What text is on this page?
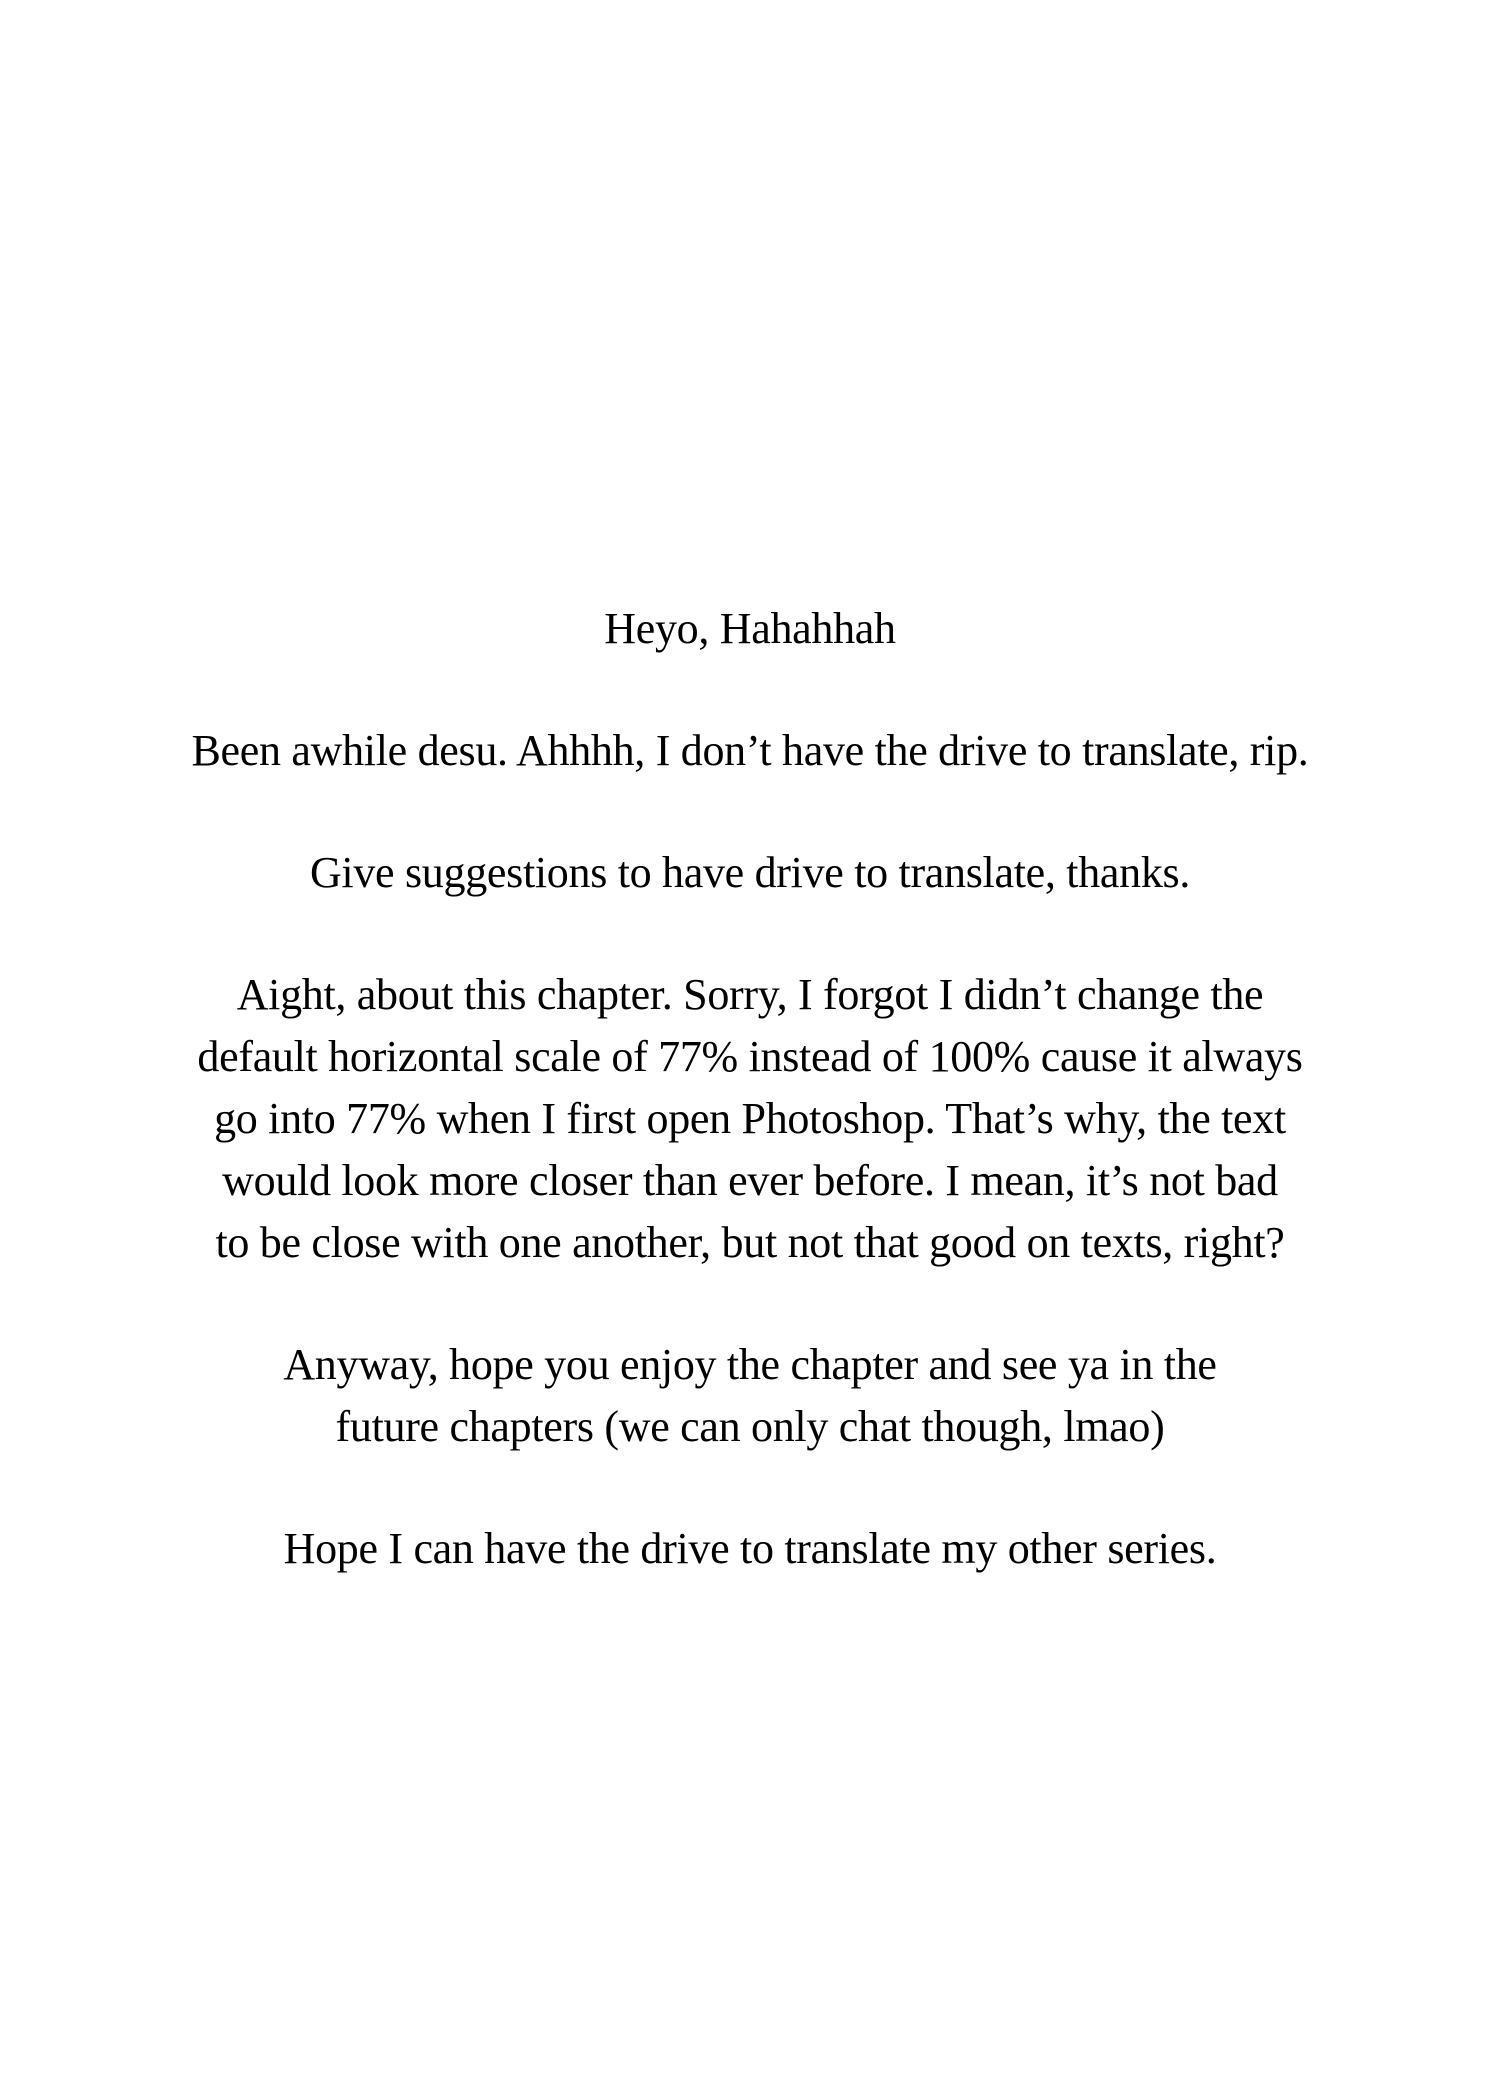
Heyo, Hahahhah

Been awhile desu. Ahhhh, I don’t have the drive to translate, rip.

Give suggestions to have drive to translate, thanks.

Aight, about this chapter. Sorry, I forgot I didn’t change the
default horizontal scale of 77% instead of 100% cause it always
go into 77% when I first open Photoshop. That’s why, the text
would look more closer than ever before. I mean, it’s not bad
to be close with one another, but not that good on texts, right?

Anyway, hope you enjoy the chapter and see ya in the
future chapters (we can only chat though, lmao)

Hope I can have the drive to translate my other series.
